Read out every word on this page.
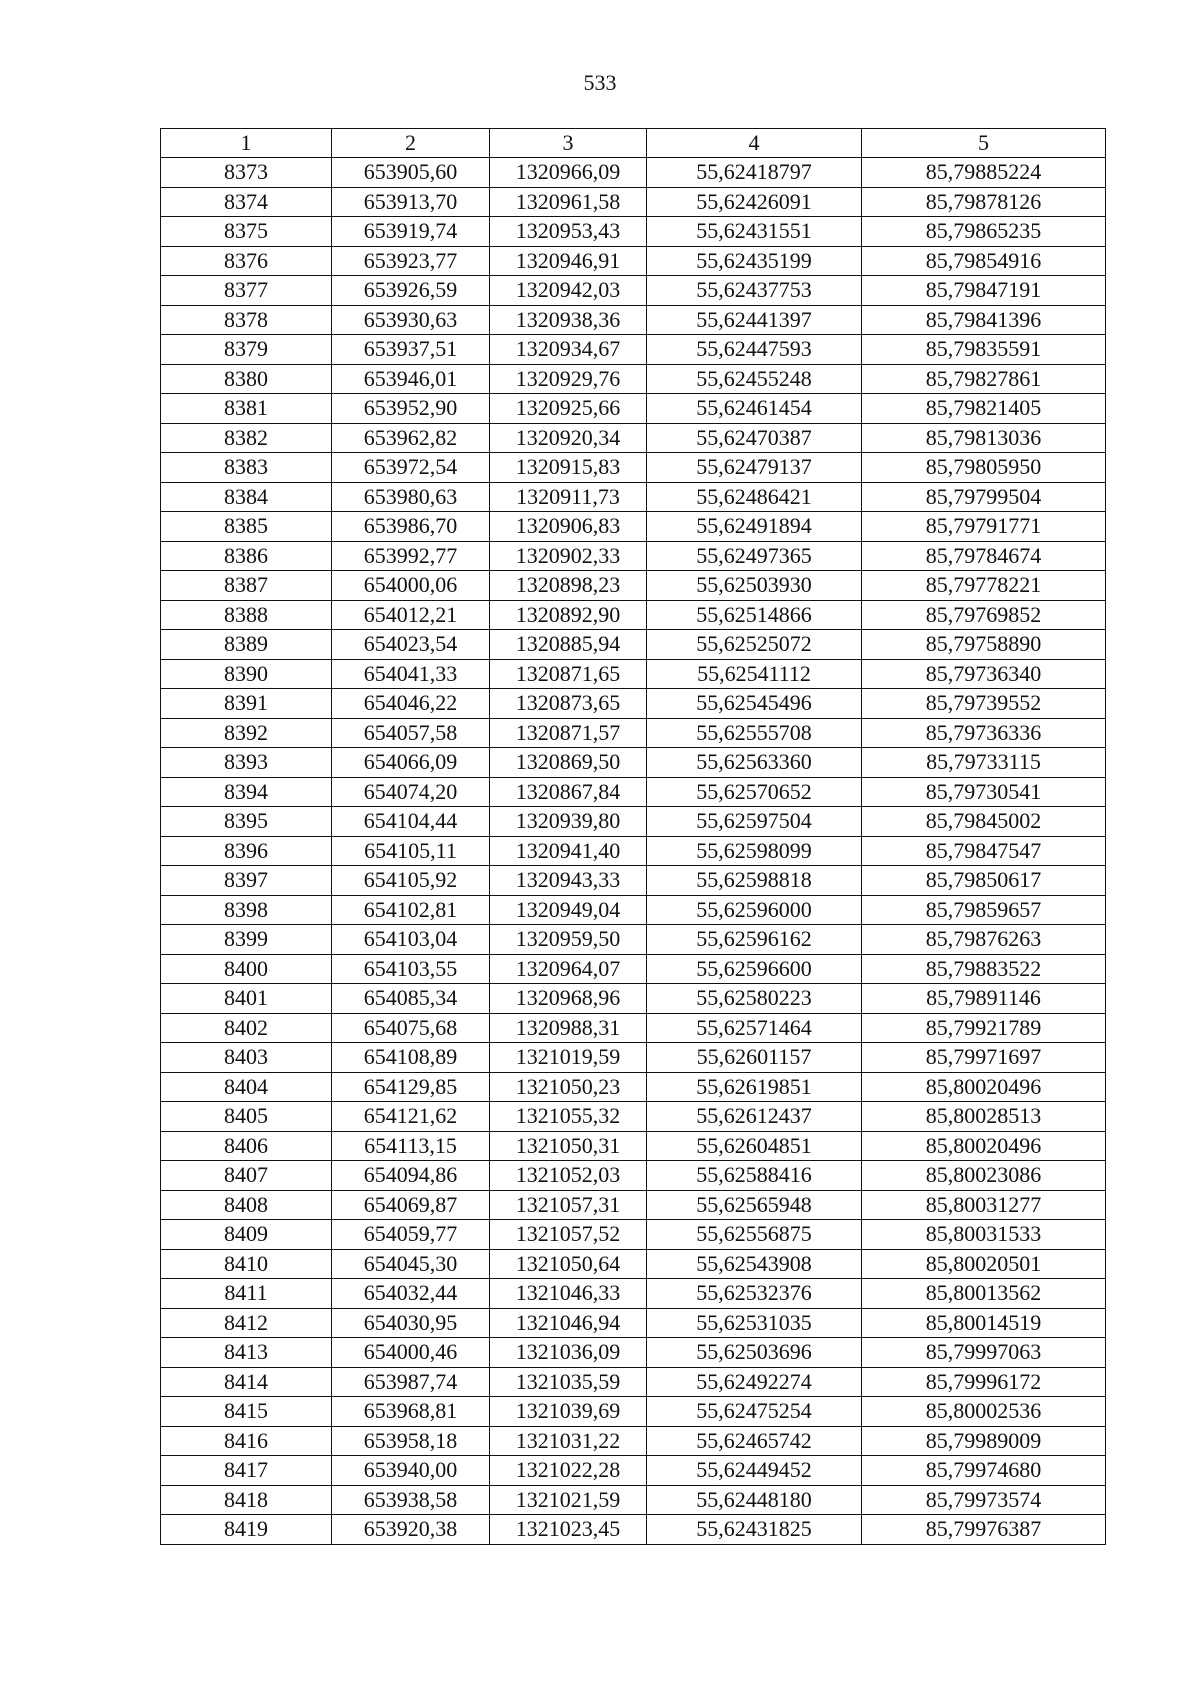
533
1	2	3	4	5
8373	653905,60	1320966,09	55,62418797	85,79885224
8374	653913,70	1320961,58	55,62426091	85,79878126
8375	653919,74	1320953,43	55,62431551	85,79865235
8376	653923,77	1320946,91	55,62435199	85,79854916
8377	653926,59	1320942,03	55,62437753	85,79847191
8378	653930,63	1320938,36	55,62441397	85,79841396
8379	653937,51	1320934,67	55,62447593	85,79835591
8380	653946,01	1320929,76	55,62455248	85,79827861
8381	653952,90	1320925,66	55,62461454	85,79821405
8382	653962,82	1320920,34	55,62470387	85,79813036
8383	653972,54	1320915,83	55,62479137	85,79805950
8384	653980,63	1320911,73	55,62486421	85,79799504
8385	653986,70	1320906,83	55,62491894	85,79791771
8386	653992,77	1320902,33	55,62497365	85,79784674
8387	654000,06	1320898,23	55,62503930	85,79778221
8388	654012,21	1320892,90	55,62514866	85,79769852
8389	654023,54	1320885,94	55,62525072	85,79758890
8390	654041,33	1320871,65	55,62541112	85,79736340
8391	654046,22	1320873,65	55,62545496	85,79739552
8392	654057,58	1320871,57	55,62555708	85,79736336
8393	654066,09	1320869,50	55,62563360	85,79733115
8394	654074,20	1320867,84	55,62570652	85,79730541
8395	654104,44	1320939,80	55,62597504	85,79845002
8396	654105,11	1320941,40	55,62598099	85,79847547
8397	654105,92	1320943,33	55,62598818	85,79850617
8398	654102,81	1320949,04	55,62596000	85,79859657
8399	654103,04	1320959,50	55,62596162	85,79876263
8400	654103,55	1320964,07	55,62596600	85,79883522
8401	654085,34	1320968,96	55,62580223	85,79891146
8402	654075,68	1320988,31	55,62571464	85,79921789
8403	654108,89	1321019,59	55,62601157	85,79971697
8404	654129,85	1321050,23	55,62619851	85,80020496
8405	654121,62	1321055,32	55,62612437	85,80028513
8406	654113,15	1321050,31	55,62604851	85,80020496
8407	654094,86	1321052,03	55,62588416	85,80023086
8408	654069,87	1321057,31	55,62565948	85,80031277
8409	654059,77	1321057,52	55,62556875	85,80031533
8410	654045,30	1321050,64	55,62543908	85,80020501
8411	654032,44	1321046,33	55,62532376	85,80013562
8412	654030,95	1321046,94	55,62531035	85,80014519
8413	654000,46	1321036,09	55,62503696	85,79997063
8414	653987,74	1321035,59	55,62492274	85,79996172
8415	653968,81	1321039,69	55,62475254	85,80002536
8416	653958,18	1321031,22	55,62465742	85,79989009
8417	653940,00	1321022,28	55,62449452	85,79974680
8418	653938,58	1321021,59	55,62448180	85,79973574
8419	653920,38	1321023,45	55,62431825	85,79976387
